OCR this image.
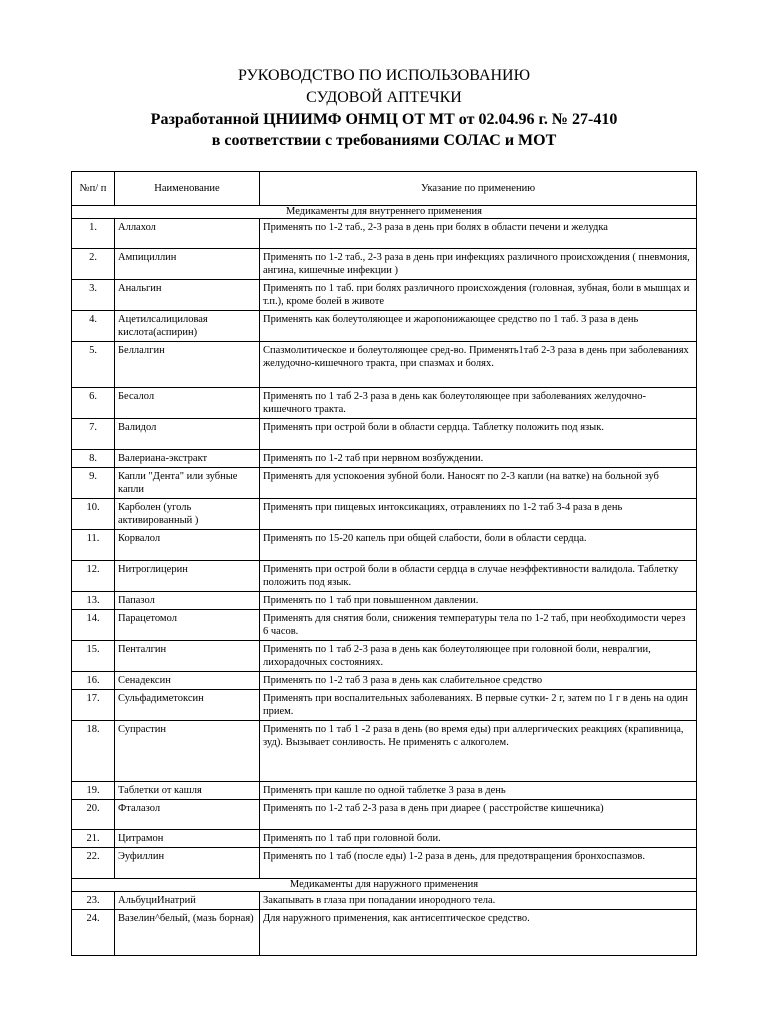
РУКОВОДСТВО ПО ИСПОЛЬЗОВАНИЮ
СУДОВОЙ АПТЕЧКИ
Разработанной ЦНИИМФ ОНМЦ ОТ МТ от 02.04.96 г. № 27-410
в соответствии с требованиями СОЛАС и МОТ
№п/ п	Наименование	Указание по применению
Медикаменты для внутреннего применения		
1.	Аллахол	Применять по 1-2 таб., 2-3 раза в день при болях в области печени и желудка
2.	Ампициллин	Применять по 1-2 таб., 2-3 раза в день при инфекциях различного происхождения ( пневмония, ангина, кишечные инфекции )
3.	Анальгин	Применять по 1 таб. при болях различного происхождения (головная, зубная, боли в мышцах и т.п.), кроме болей в животе
4.	Ацетилсалициловая кислота(аспирин)	Применять как болеутоляющее и жаропонижающее средство по 1 таб. 3 раза в день
5.	Беллалгин	Спазмолитическое и болеутоляющее сред-во. Применять1таб 2-3 раза в день при заболеваниях желудочно-кишечного тракта, при спазмах и болях.
6.	Бесалол	Применять по 1 таб 2-3 раза в день как болеутоляющее при заболеваниях желудочно-кишечного тракта.
7.	Валидол	Применять при острой боли в области сердца. Таблетку положить под язык.
8.	Валериана-экстракт	Применять по 1-2 таб при нервном возбуждении.
9.	Капли "Дента" или зубные капли	Применять для успокоения зубной боли. Наносят по 2-3 капли (на ватке) на больной зуб
10.	Карболен (уголь активированный )	Применять при пищевых интоксикациях, отравлениях по 1-2 таб 3-4 раза в день
11.	Корвалол	Применять по 15-20 капель при общей слабости, боли в области сердца.
12.	Нитроглицерин	Применять при острой боли в области сердца в случае неэффективности валидола. Таблетку положить под язык.
13.	Папазол	Применять по 1 таб при повышенном давлении.
14.	Парацетомол	Применять для снятия боли, снижения температуры тела по 1-2 таб, при необходимости через 6 часов.
15.	Пенталгин	Применять по 1 таб 2-3 раза в день как болеутоляющее при головной боли, невралгии, лихорадочных состояниях.
16.	Сенадексин	Применять по 1-2 таб 3 раза в день как слабительное средство
17.	Сульфадиметоксин	Применять при воспалительных заболеваниях. В первые сутки- 2 г, затем по 1 г в день на один прием.
18.	Супрастин	Применять по 1 таб 1 -2 раза в день (во время еды) при аллергических реакциях (крапивница, зуд). Вызывает сонливость. Не применять с алкоголем.
19.	Таблетки от кашля	Применять при кашле по одной таблетке 3 раза в день
20.	Фталазол	Применять по 1-2 таб 2-3 раза в день при диарее ( расстройстве кишечника)
21.	Цитрамон	Применять по 1 таб при головной боли.
22.	Эуфиллин	Применять по 1 таб (после еды) 1-2 раза в день, для предотвращения бронхоспазмов.
Медикаменты для наружного применения		
23.	АльбуциИнатрий	Закапывать в глаза при попадании инородного тела.
24.	Вазелин^белый, (мазь борная)	Для наружного применения, как антисептическое средство.
